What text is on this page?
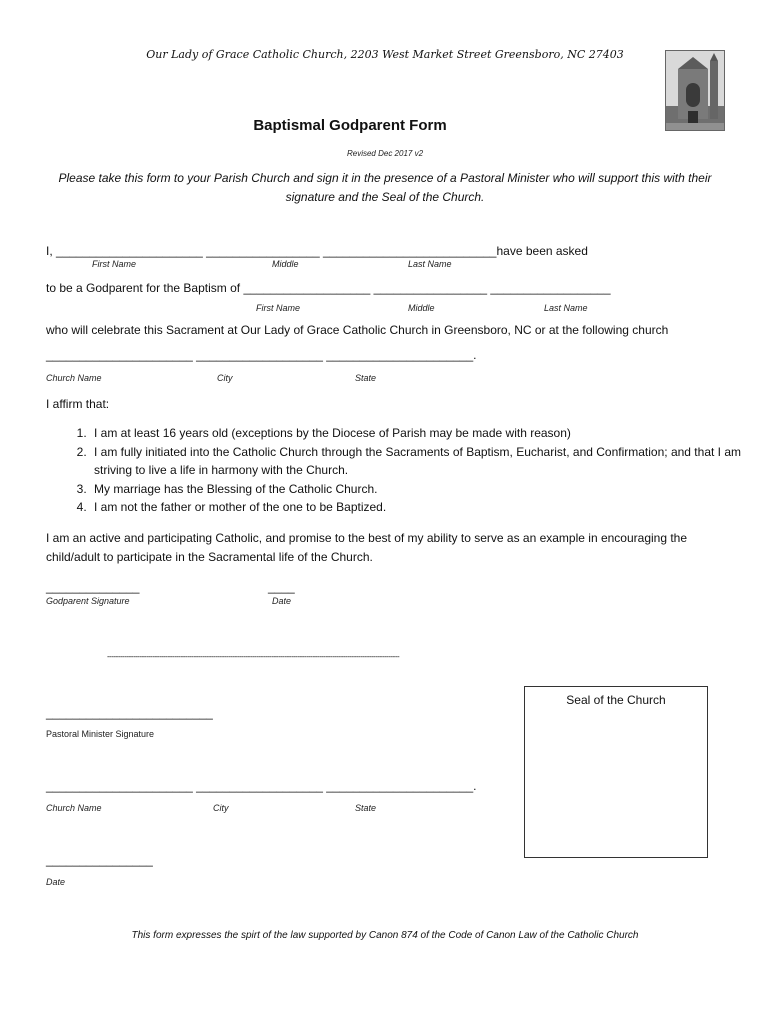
Our Lady of Grace Catholic Church, 2203 West Market Street Greensboro, NC 27403
Baptismal Godparent Form
Revised Dec 2017 v2
Please take this form to your Parish Church and sign it in the presence of a Pastoral Minister who will support this with their signature and the Seal of the Church.
I, ______________________ _________________ __________________________have been asked
First Name	Middle	Last Name
to be a Godparent for the Baptism of ___________________ _________________ __________________
First Name	Middle	Last Name
who will celebrate this Sacrament at Our Lady of Grace Catholic Church in Greensboro, NC or at the following church
______________________ ___________________ ______________________.
Church Name	City	State
I affirm that:
1. I am at least 16 years old (exceptions by the Diocese of Parish may be made with reason)
2. I am fully initiated into the Catholic Church through the Sacraments of Baptism, Eucharist, and Confirmation; and that I am striving to live a life in harmony with the Church.
3. My marriage has the Blessing of the Catholic Church.
4. I am not the father or mother of the one to be Baptized.
I am an active and participating Catholic, and promise to the best of my ability to serve as an example in encouraging the child/adult to participate in the Sacramental life of the Church.
______________	____
Godparent Signature	Date
---------------------------------------------------------------------------------------------------------------------------------------
_________________________
Pastoral Minister Signature
______________________ ___________________ ______________________.
Church Name	City	State
________________
Date
Seal of the Church
This form expresses the spirt of the law supported by Canon 874 of the Code of Canon Law of the Catholic Church
